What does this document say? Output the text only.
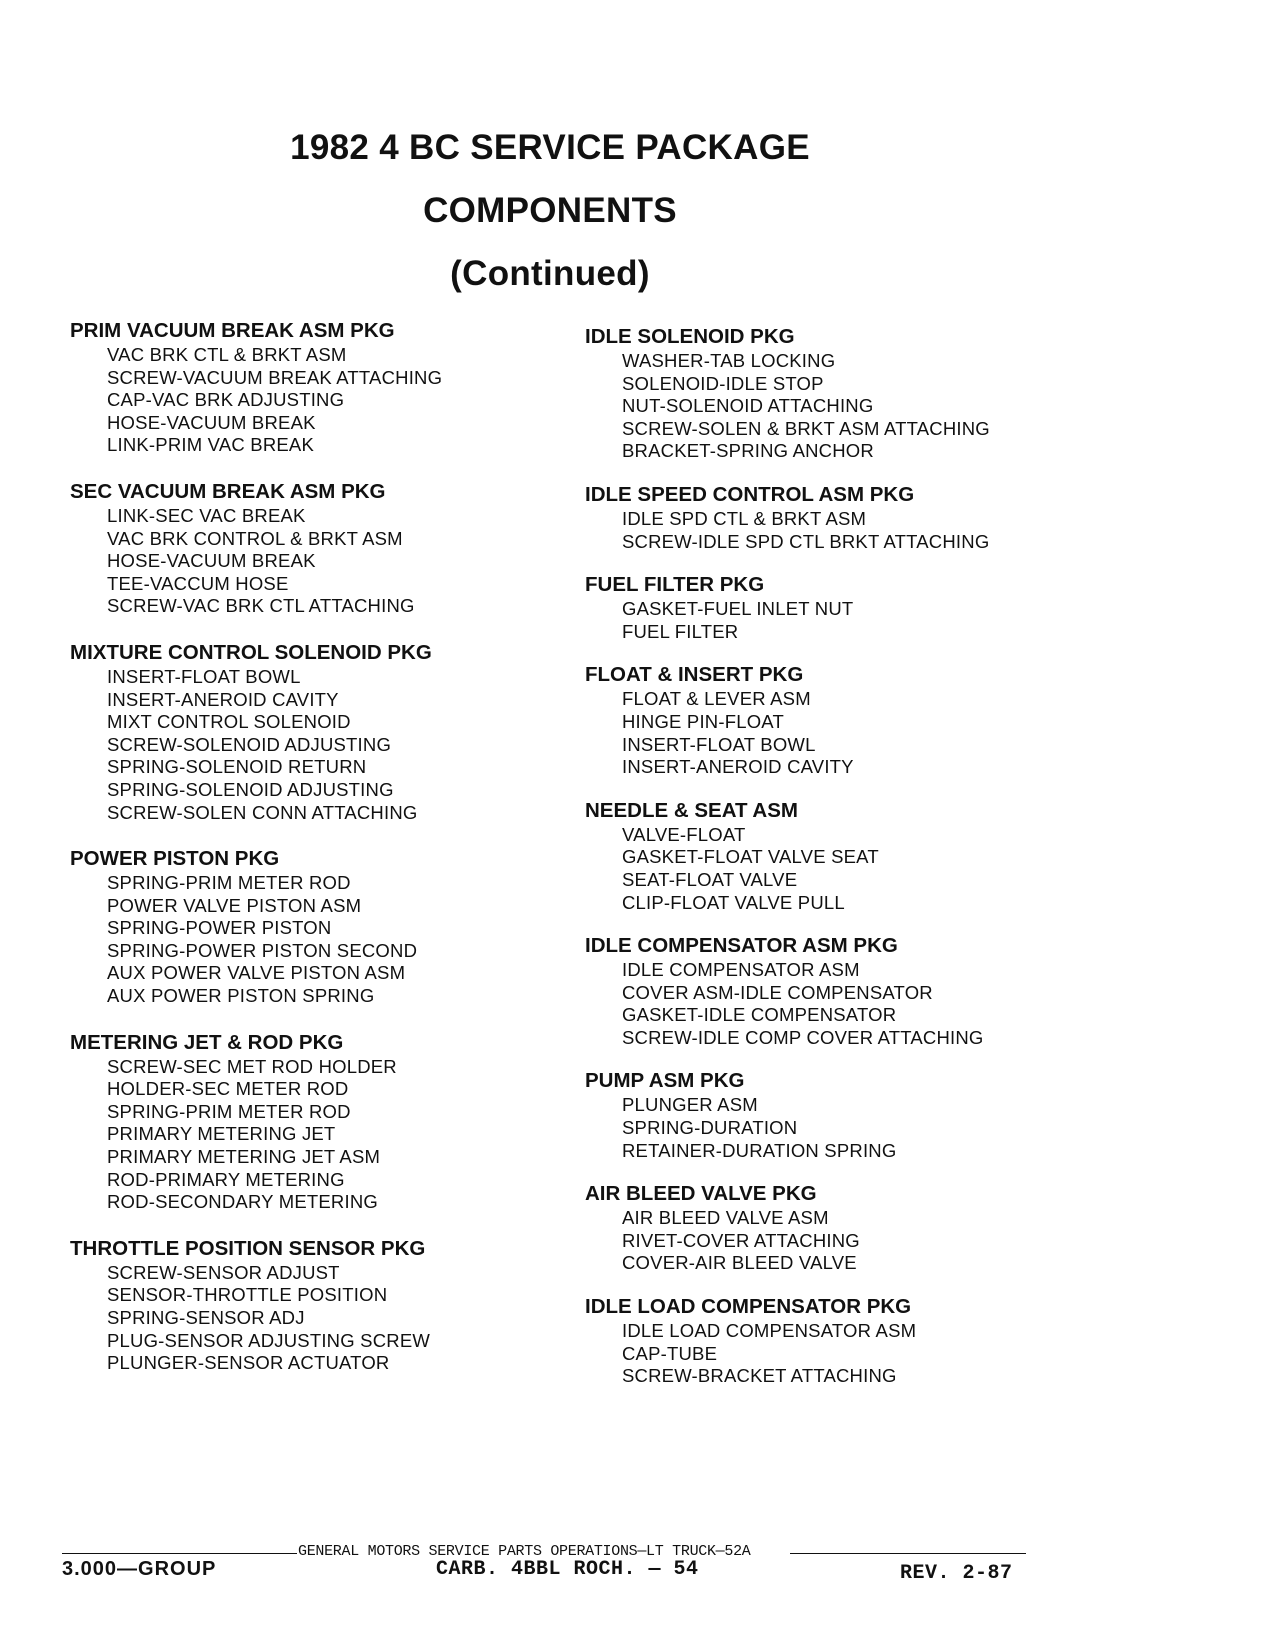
1982 4 BC SERVICE PACKAGE
COMPONENTS
(Continued)
PRIM VACUUM BREAK ASM PKG
VAC BRK CTL & BRKT ASM
SCREW-VACUUM BREAK ATTACHING
CAP-VAC BRK ADJUSTING
HOSE-VACUUM BREAK
LINK-PRIM VAC BREAK
SEC VACUUM BREAK ASM PKG
LINK-SEC VAC BREAK
VAC BRK CONTROL & BRKT ASM
HOSE-VACUUM BREAK
TEE-VACCUM HOSE
SCREW-VAC BRK CTL ATTACHING
MIXTURE CONTROL SOLENOID PKG
INSERT-FLOAT BOWL
INSERT-ANEROID CAVITY
MIXT CONTROL SOLENOID
SCREW-SOLENOID ADJUSTING
SPRING-SOLENOID RETURN
SPRING-SOLENOID ADJUSTING
SCREW-SOLEN CONN ATTACHING
POWER PISTON PKG
SPRING-PRIM METER ROD
POWER VALVE PISTON ASM
SPRING-POWER PISTON
SPRING-POWER PISTON SECOND
AUX POWER VALVE PISTON ASM
AUX POWER PISTON SPRING
METERING JET & ROD PKG
SCREW-SEC MET ROD HOLDER
HOLDER-SEC METER ROD
SPRING-PRIM METER ROD
PRIMARY METERING JET
PRIMARY METERING JET ASM
ROD-PRIMARY METERING
ROD-SECONDARY METERING
THROTTLE POSITION SENSOR PKG
SCREW-SENSOR ADJUST
SENSOR-THROTTLE POSITION
SPRING-SENSOR ADJ
PLUG-SENSOR ADJUSTING SCREW
PLUNGER-SENSOR ACTUATOR
IDLE SOLENOID PKG
WASHER-TAB LOCKING
SOLENOID-IDLE STOP
NUT-SOLENOID ATTACHING
SCREW-SOLEN & BRKT ASM ATTACHING
BRACKET-SPRING ANCHOR
IDLE SPEED CONTROL ASM PKG
IDLE SPD CTL & BRKT ASM
SCREW-IDLE SPD CTL BRKT ATTACHING
FUEL FILTER PKG
GASKET-FUEL INLET NUT
FUEL FILTER
FLOAT & INSERT PKG
FLOAT & LEVER ASM
HINGE PIN-FLOAT
INSERT-FLOAT BOWL
INSERT-ANEROID CAVITY
NEEDLE & SEAT ASM
VALVE-FLOAT
GASKET-FLOAT VALVE SEAT
SEAT-FLOAT VALVE
CLIP-FLOAT VALVE PULL
IDLE COMPENSATOR ASM PKG
IDLE COMPENSATOR ASM
COVER ASM-IDLE COMPENSATOR
GASKET-IDLE COMPENSATOR
SCREW-IDLE COMP COVER ATTACHING
PUMP ASM PKG
PLUNGER ASM
SPRING-DURATION
RETAINER-DURATION SPRING
AIR BLEED VALVE PKG
AIR BLEED VALVE ASM
RIVET-COVER ATTACHING
COVER-AIR BLEED VALVE
IDLE LOAD COMPENSATOR PKG
IDLE LOAD COMPENSATOR ASM
CAP-TUBE
SCREW-BRACKET ATTACHING
GENERAL MOTORS SERVICE PARTS OPERATIONS—LT TRUCK—52A
3.000—GROUP	CARB. 4BBL ROCH. — 54	REV. 2-87
